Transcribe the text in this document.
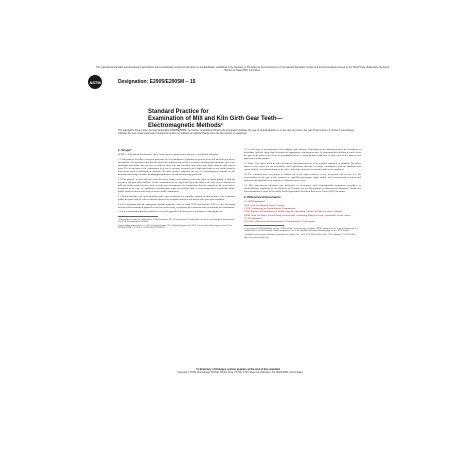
This international standard was developed in accordance with internationally recognized principles on standardization established in the Decision on Principles for the Development of International Standards, Guides and Recommendations issued by the World Trade Organization Technical Barriers to Trade (TBT) Committee.
ASTM	Designation: E2905/E2905M − 15
Standard Practice for
Examination of Mill and Kiln Girth Gear Teeth—
Electromagnetic Methods¹
This standard is issued under the fixed designation E2905/E2905M; the number immediately following the designation indicates the year of original adoption or, in the case of revision, the year of last revision. A number in parentheses indicates the year of last reapproval. A superscript epsilon (ε) indicates an editorial change since the last revision or reapproval.
1. Scope*

NOTE 1—Throughout the standard "gear" means gear or pinion unless the gear is specifically identified.

1.1 This practice describes a two-part procedure for electromagnetic evaluation on gear teeth on mill and kiln gear drives and pinions. The first part of this practice details the ability to detect 100 % of surface-breaking discontinuities only in the addendum, dedendum and root area on both the drive side and non-drive side of the gear tooth using an eddy current array. The second part of the examination is to size or measure accurately the length and depth of any cracks found in these areas using electromagnetic methods. No other practice addresses the use of electromagnetic methods for the detection and sizing of surface-breaking discontinuities on mill and kiln ring gear teeth.

1.2 This practice is used only for crack detection, sizing, wear patterns, and early signs of macro-pitting. It will not provide a full gear tooth analysis. Visual examination by an experienced gear specialist is the only way to characterize fully the failure modes present, their severity, and consequences. It is imperative that the analysis of the gear tooth is completed at the time of examination. Sending data offsite for analysis later is not recommended as potential failure modes could be missed from lack of on-site visual examination.

1.3 Two technicians, one gear specialist, and a gear technician are typically required for this practice. One technician guides the probe and the other technician operates the computer/software and analyzes the gear tooth condition.

1.4 It is important that the appropriate method standards, such as Guide E709 and Practice E2261, if the alternating current field measurement approach is used for crack sizing, accompany the technician when performing the examination.

1.5 It is recommended that the technician review the appendices in this practice in advance of starting the job.

¹ This practice is under the jurisdiction of ASTM Committee E07 on Nondestructive Testing and is the direct responsibility of Subcommittee E07.07 on Electromagnetic Method.

Current edition approved Jan. 15, 2015. Published January 2015. Originally approved in 2012. Last previous edition approved in 2012 as E2905/E2905M – 12. DOI: 10.1520/E2905_E2905M-15.

1.6 A clean gear is recommended for a complete gear analysis. Depending on the lubrication used, the technician, in accordance with the client, shall determine the appropriate cleaning procedure. If a non-metallized lubricant is used, clean the gear teeth surfaces are clean. If an asphaltic-based or synthetic-based lubricant is used, refer to the annexes and appendices in this practice.

1.7 Units—The values stated in either SI units or inch-pound units are to be regarded separately as standard. The values stated in each system are not necessarily exact equivalents; therefore, to ensure conformance with the standard, each system shall be used independently of the other, and values from the two systems shall not be combined.

1.8 This standard does not purport to address all of the safety concerns, if any, associated with its use. It is the responsibility of the user of this standard to establish appropriate safety, health, and environmental practices and determine the applicability of regulatory limitations prior to use.

1.9 This international standard was developed in accordance with internationally recognized principles on standardization established in the Decision on Principles for the Development of International Standards, Guides and Recommendations issued by the World Trade Organization Technical Barriers to Trade (TBT) Committee.

2. Referenced Documents

2.1 ASTM Standards:²

E709 Guide for Magnetic Particle Testing
E1316 Terminology for Nondestructive Examinations
E2261 Practice for Examination of Welds Using the Alternating Current Field Measurement Technique
E2884 Guide for Eddy Current Testing of Electrically Conducting Materials Using Conformable Sensor Arrays
2.2 AIA Standard:³
NAS 410 Certification and Qualification of Nondestructive Test Personnel

² For referenced ASTM standards, visit the ASTM website, www.astm.org, or contact ASTM Customer Service at service@astm.org. For Annual Book of ASTM Standards volume information, refer to the standard's Document Summary page on the ASTM website.

³ Available from Aerospace Industries Association of America, Inc. (AIA), 1000 Wilson Blvd., Suite 1700, Arlington, VA 22209-3928, http://www.aia-aerospace.org.

*A Summary of Changes section appears at the end of this standard
Copyright © ASTM International, 100 Barr Harbor Drive, PO Box C700, West Conshohocken, PA 19428-2959. United States
